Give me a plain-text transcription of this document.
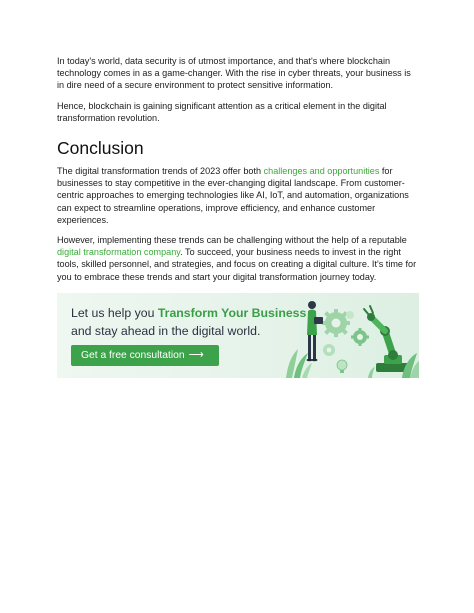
In today's world, data security is of utmost importance, and that's where blockchain technology comes in as a game-changer. With the rise in cyber threats, your business is in dire need of a secure environment to protect sensitive information.

Hence, blockchain is gaining significant attention as a critical element in the digital transformation revolution.

Conclusion

The digital transformation trends of 2023 offer both challenges and opportunities for businesses to stay competitive in the ever-changing digital landscape. From customer-centric approaches to emerging technologies like AI, IoT, and automation, organizations can expect to streamline operations, improve efficiency, and enhance customer experiences.

However, implementing these trends can be challenging without the help of a reputable digital transformation company. To succeed, your business needs to invest in the right tools, skilled personnel, and strategies, and focus on creating a digital culture. It's time for you to embrace these trends and start your digital transformation journey today.

Let us help you Transform Your Business
and stay ahead in the digital world.
Get a free consultation ⟶
